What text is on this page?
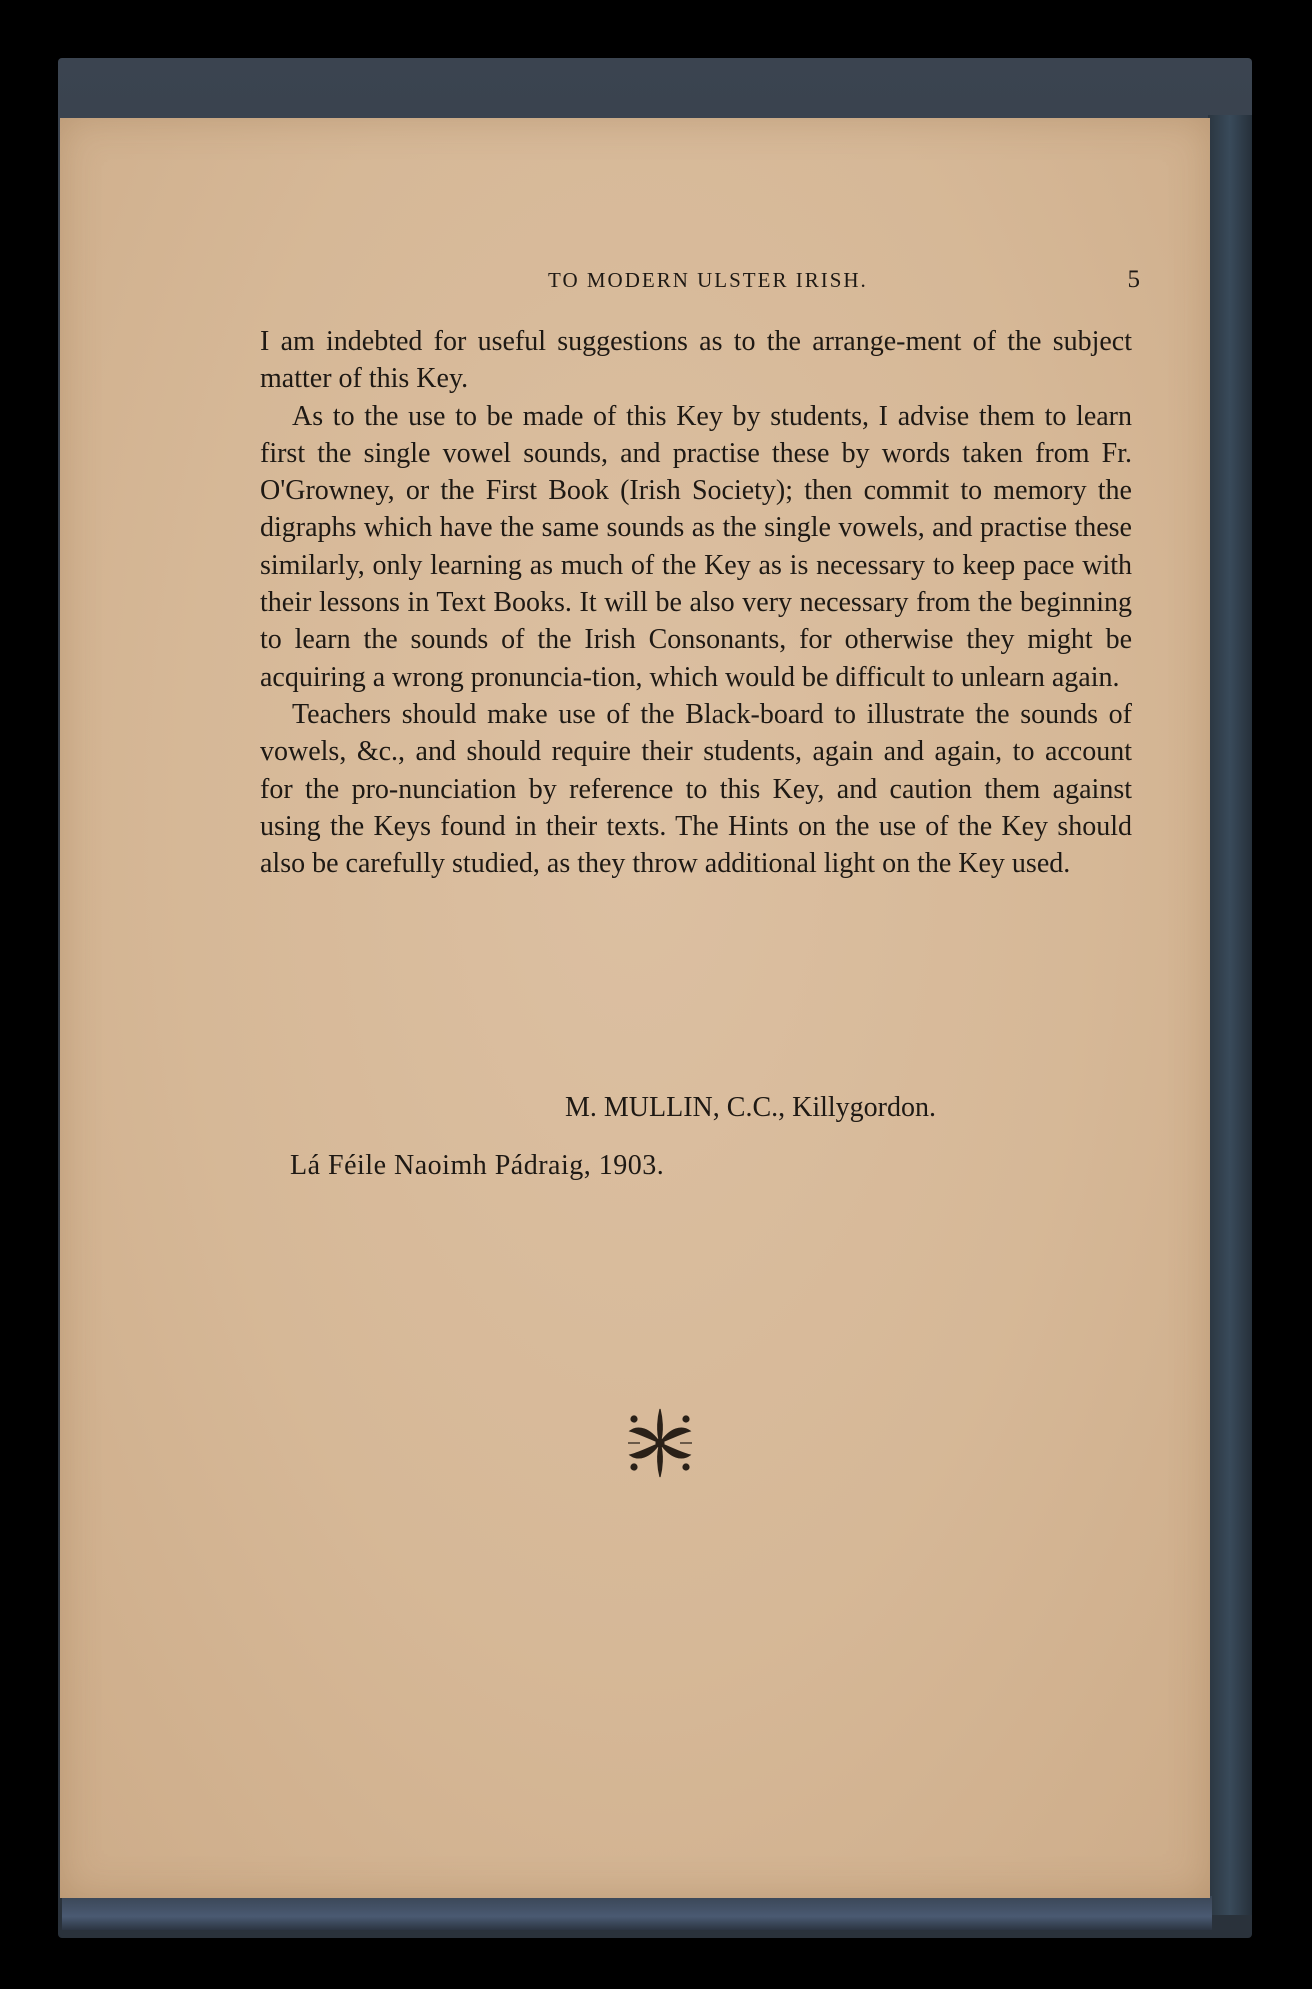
TO MODERN ULSTER IRISH.	5

I am indebted for useful suggestions as to the arrange-ment of the subject matter of this Key.

As to the use to be made of this Key by students, I advise them to learn first the single vowel sounds, and practise these by words taken from Fr. O'Growney, or the First Book (Irish Society); then commit to memory the digraphs which have the same sounds as the single vowels, and practise these similarly, only learning as much of the Key as is necessary to keep pace with their lessons in Text Books. It will be also very necessary from the beginning to learn the sounds of the Irish Consonants, for otherwise they might be acquiring a wrong pronuncia-tion, which would be difficult to unlearn again.

Teachers should make use of the Black-board to illustrate the sounds of vowels, &c., and should require their students, again and again, to account for the pro-nunciation by reference to this Key, and caution them against using the Keys found in their texts. The Hints on the use of the Key should also be carefully studied, as they throw additional light on the Key used.

M. MULLIN, C.C., Killygordon.
Lá Féile Naoimh Pádraig, 1903.
